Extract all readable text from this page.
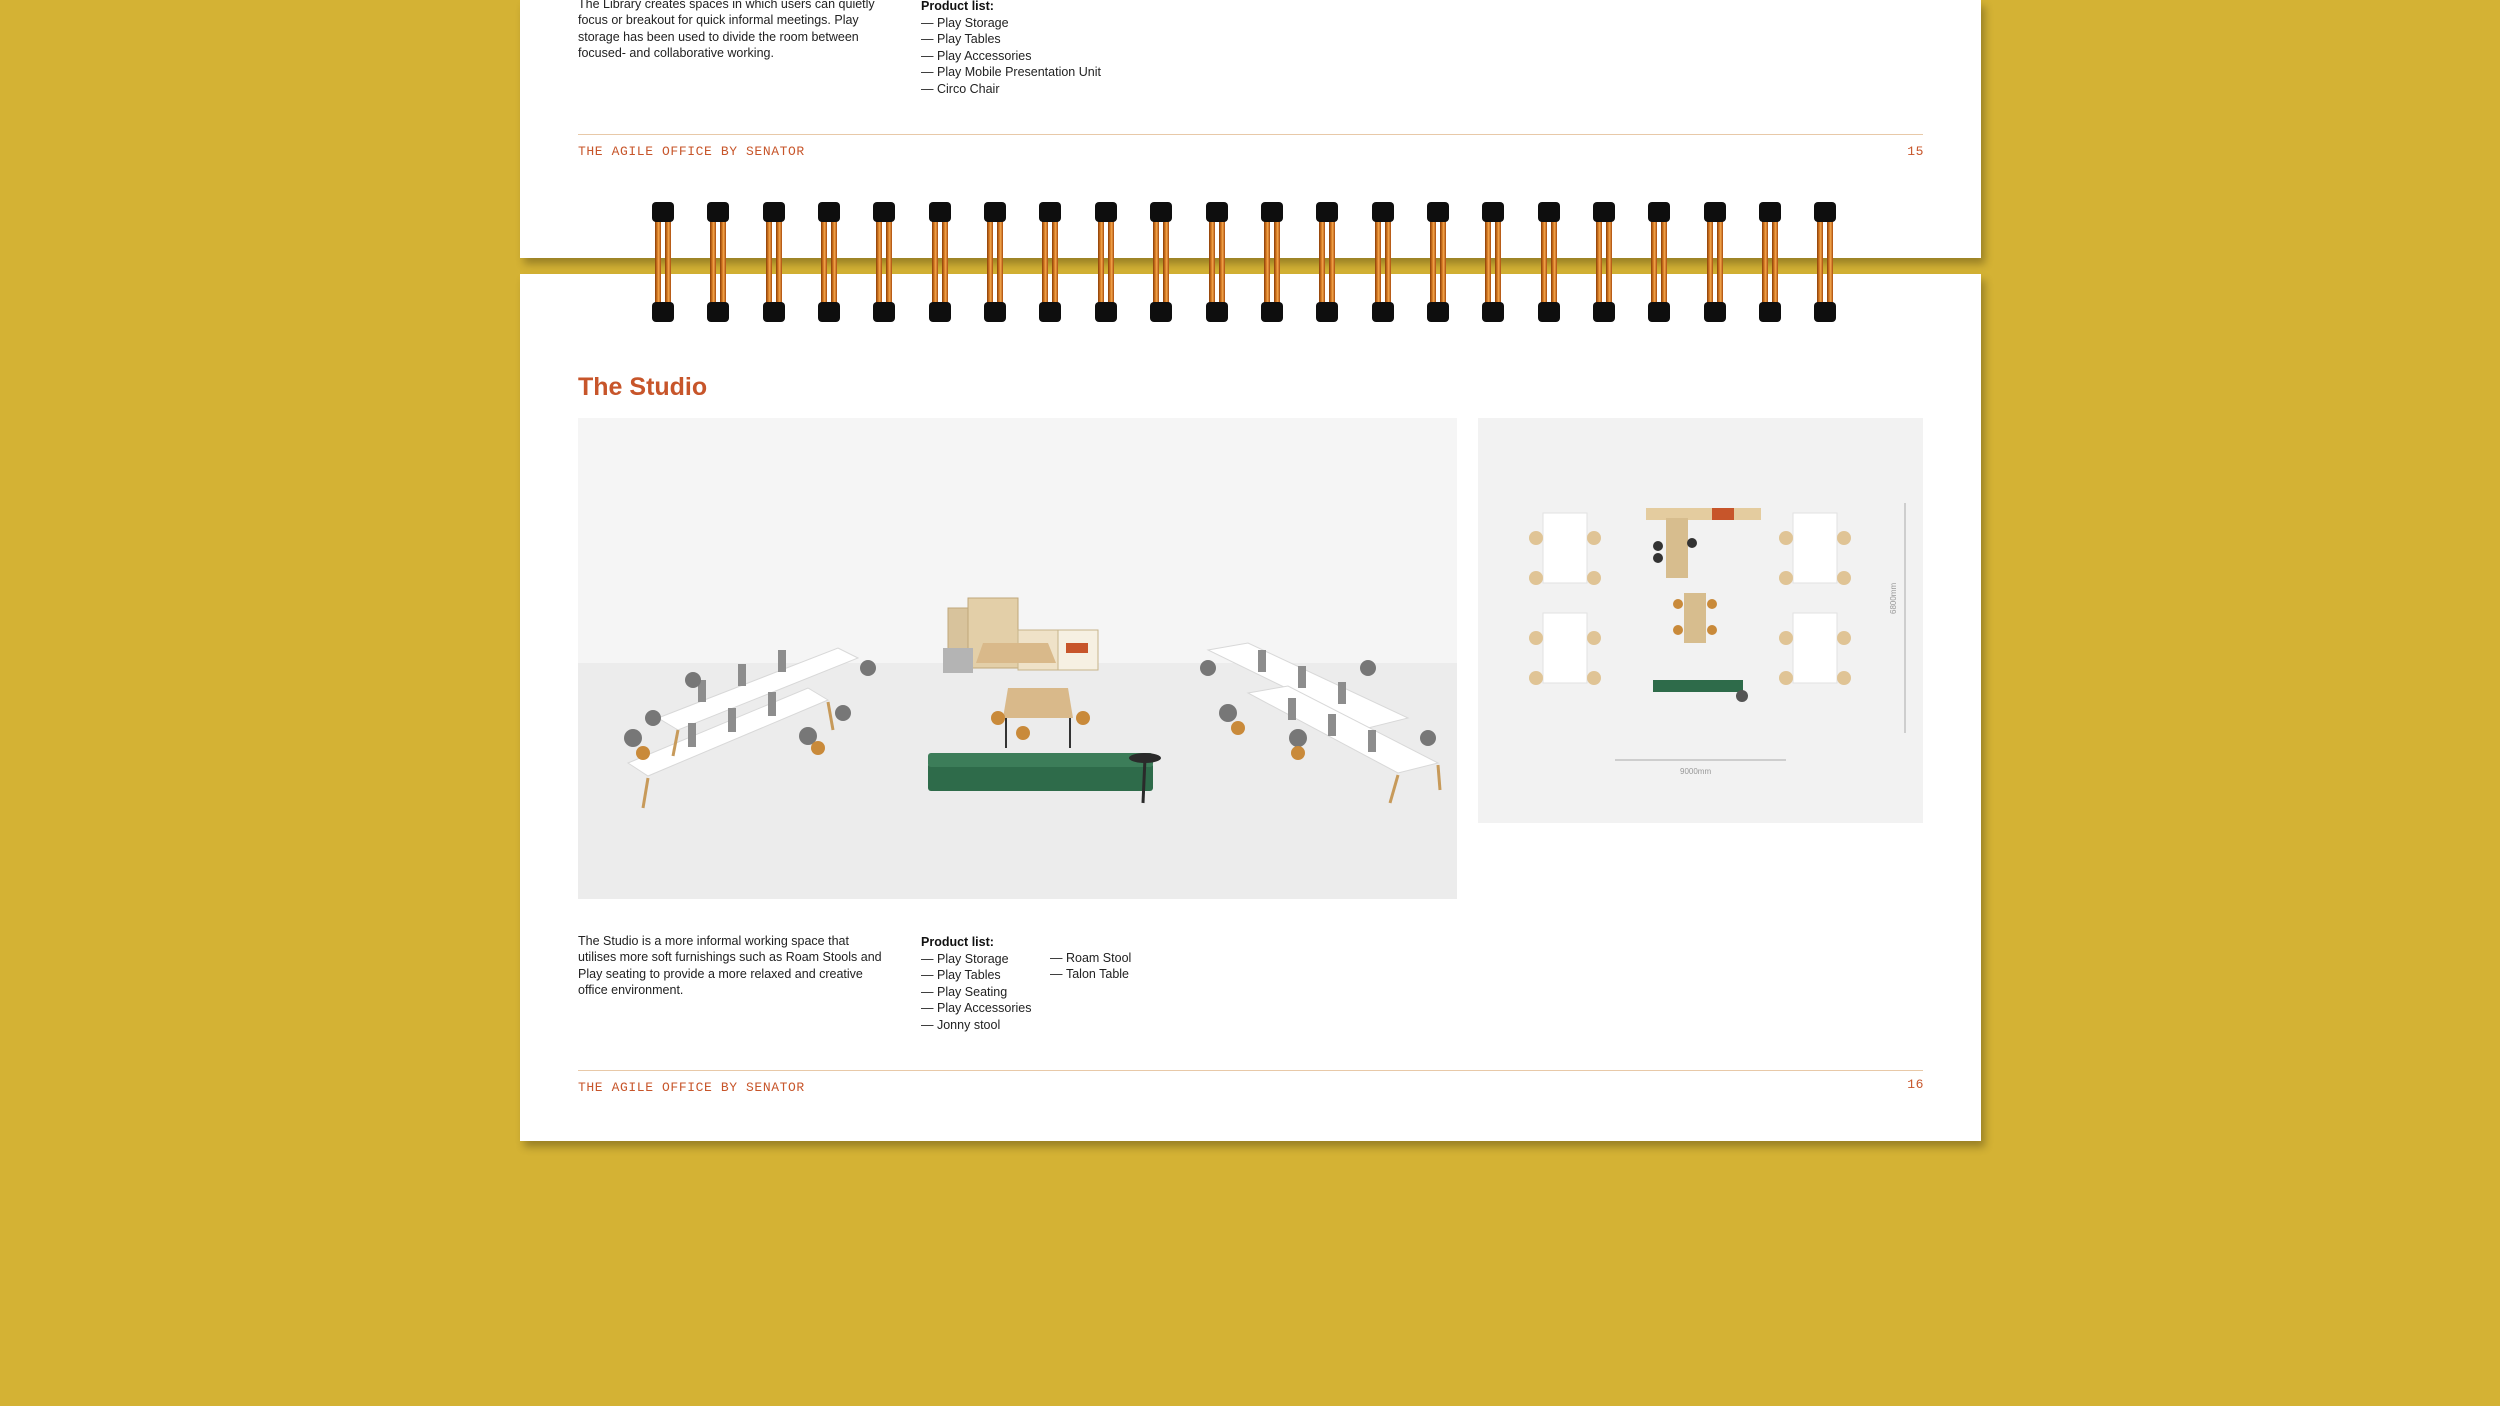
The Library creates spaces in which users can quietly focus or breakout for quick informal meetings. Play storage has been used to divide the room between focused- and collaborative working.

Product list:
— Play Storage
— Play Tables
— Play Accessories
— Play Mobile Presentation Unit
— Circo Chair
THE AGILE OFFICE BY SENATOR	15
The Studio
9000mm
6800mm

The Studio is a more informal working space that utilises more soft furnishings such as Roam Stools and Play seating to provide a more relaxed and creative office environment.

Product list:
— Play Storage
— Play Tables
— Play Seating
— Play Accessories
— Jonny stool
— Roam Stool
— Talon Table
THE AGILE OFFICE BY SENATOR	16
